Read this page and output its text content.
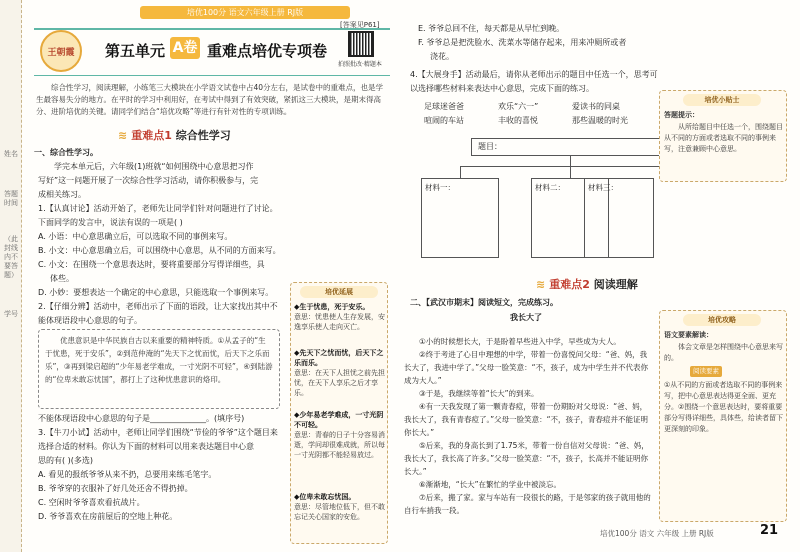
姓名
答题时间
（此封线内不要答题）
学号
培优100分 语文六年级上册 RJ版
[答案见P61]
王朝霞	第五单元 A卷 重难点培优专项卷
拍照批改·精题本
综合性学习，阅读理解，小练笔三大模块在小学语文试卷中占40分左右，是试卷中的重难点，也是学生最容易失分的地方。在平时的学习中利用好，在考试中得到了有效突破，紧抓这三大模块，是期末得高分、进阶培优的关键。请同学们结合“培优攻略”等进行有针对性的专项训练。
≋ 重难点1 综合性学习
一、综合性学习。
学完本单元后，六年级(1)班就“如何围绕中心意思把习作
写好”这一问题开展了一次综合性学习活动，请你积极参与，完
成相关练习。
1.【认真讨论】活动开始了，老师先让同学们针对问题进行了讨论。
下面同学的发言中，说法有误的一项是( )
A. 小语：中心意思确立后，可以选取不同的事例来写。
B. 小文：中心意思确立后，可以围绕中心意思，从不同的方面来写。
C. 小文：在围绕一个意思表达时，要将重要部分写得详细些，具
体些。
D. 小妙：要想表达一个确定的中心意思，只能选取一个事例来写。
2.【仔细分辨】活动中，老师出示了下面的语段，让大家找出其中不
能体现语段中心意思的句子。
优患意识是中华民族自古以来重要的精神特质。①从孟子的“生于忧患，死于安乐”，②到范仲淹的“先天下之忧而忧，后天下之乐而乐”，③再到梁启超的“少年易老学难成，一寸光阴不可轻”，④到陆游的“位卑未敢忘忧国”，都打上了这种忧患意识的烙印。
不能体现语段中心意思的句子是______________。(填序号)
3.【牛刀小试】活动中，老师让同学们围绕“节俭的爷爷”这个题目来
选择合适的材料。你认为下面的材料可以用来表达题目中心意
思的有( )(多选)
A. 看见的报纸爷爷从来不扔，总要用来练毛笔字。
B. 爷爷穿的衣服补了好几处还舍不得扔掉。
C. 空闲时爷爷喜欢看抗战片。
D. 爷爷喜欢在房前屋后的空地上种花。
培优延展
◆生于忧患，死于安乐。
意思：忧患使人生存发展，安逸享乐使人走向灭亡。
◆先天下之忧而忧，后天下之乐而乐。
意思：在天下人担忧之前先担忧，在天下人享乐之后才享乐。
◆少年易老学难成，一寸光阴不可轻。
意思：青春的日子十分容易消逝，学问却很难成就，所以每一寸光阴都不能轻易放过。
◆位卑未敢忘忧国。
意思：尽管地位低下，但不敢忘记关心国家的安危。
E. 爷爷总回不住，每天都是从早忙到晚。
F. 爷爷总是把洗脸水、洗菜水等储存起来，用来冲厕所或者
浇花。
4.【大展身手】活动最后，请你从老师出示的题目中任选一个，思考可以选择哪些材料来表达中心意思，完成下面的练习。
足球迷爸爸	欢乐“六一”	爱读书的同桌
喧闹的车站	丰收的喜悦	那些温暖的时光
题目：
材料一：	材料二：
培优小贴士
答题提示：
从所给题目中任选一个，围绕题目从不同的方面或者选取不同的事例来写，注意兼顾中心意思。
材料三：
≋ 重难点2 阅读理解
二、【武汉市期末】阅读短文，完成练习。
我长大了

①小的时候想长大，于是盼着早些进入中学，早些成为大人。

②终于考进了心目中理想的中学，带着一份喜悦问父母：“爸、妈，我长大了，我进中学了。”父母一脸笑意：“不，孩子，成为中学生并不代表你成为大人。”

③于是，我继续等着“长大”的到来。

④有一天我发现了第一颗青春痘，带着一份期盼对父母说：“爸、妈，我长大了，我有青春痘了。”父母一脸笑意：“不，孩子，青春痘并不能证明你长大。”

⑤后来，我的身高长到了1.75米，带着一份自信对父母说：“爸、妈，我长大了，我长高了许多。”父母一脸笑意：“不，孩子，长高并不能证明你长大。”

⑥渐渐地，“长大”在繁忙的学业中被淡忘。

⑦后来，搬了家。家与车站有一段很长的路，于是邻家的孩子就用他的自行车捎我一段。

培优攻略
语文要素解读：
体会文章是怎样围绕中心意思来写的。
阅读要素
①从不同的方面或者选取不同的事例来写，把中心意思表达得更全面、更充分。②围绕一个意思表达时，要将重要部分写得详细些，具体些，给读者留下更深刻的印象。
培优100分 语文 六年级 上册 RJ版	21
